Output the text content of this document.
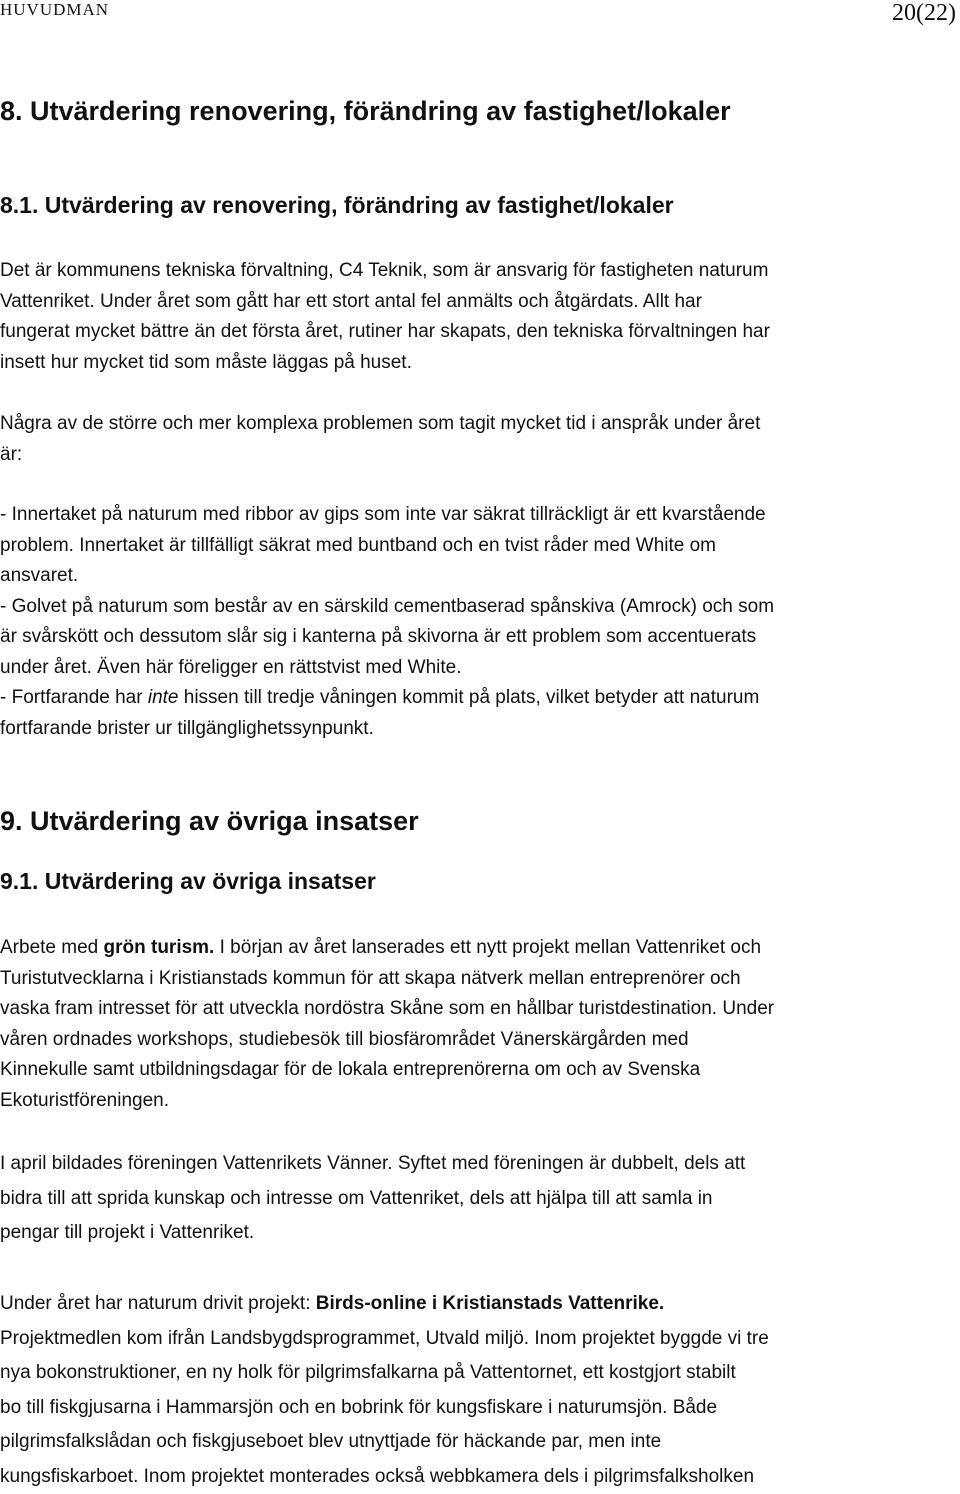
HUVUDMAN	20(22)
8. Utvärdering renovering, förändring av fastighet/lokaler
8.1. Utvärdering av renovering, förändring av fastighet/lokaler
Det är kommunens tekniska förvaltning, C4 Teknik, som är ansvarig för fastigheten naturum
Vattenriket. Under året som gått har ett stort antal fel anmälts och åtgärdats. Allt har
fungerat mycket bättre än det första året, rutiner har skapats, den tekniska förvaltningen har
insett hur mycket tid som måste läggas på huset.
Några av de större och mer komplexa problemen som tagit mycket tid i anspråk under året
är:
- Innertaket på naturum med ribbor av gips som inte var säkrat tillräckligt är ett kvarstående
problem. Innertaket är tillfälligt säkrat med buntband och en tvist råder med White om
ansvaret.
- Golvet på naturum som består av en särskild cementbaserad spånskiva (Amrock) och som
är svårskött och dessutom slår sig i kanterna på skivorna är ett problem som accentuerats
under året. Även här föreligger en rättstvist med White.
- Fortfarande har inte hissen till tredje våningen kommit på plats, vilket betyder att naturum
fortfarande brister ur tillgänglighetssynpunkt.
9. Utvärdering av övriga insatser
9.1. Utvärdering av övriga insatser
Arbete med grön turism. I början av året lanserades ett nytt projekt mellan Vattenriket och
Turistutvecklarna i Kristianstads kommun för att skapa nätverk mellan entreprenörer och
vaska fram intresset för att utveckla nordöstra Skåne som en hållbar turistdestination. Under
våren ordnades workshops, studiebesök till biosfärområdet Vänerskärgården med
Kinnekulle samt utbildningsdagar för de lokala entreprenörerna om och av Svenska
Ekoturistföreningen.
I april bildades föreningen Vattenrikets Vänner. Syftet med föreningen är dubbelt, dels att
bidra till att sprida kunskap och intresse om Vattenriket, dels att hjälpa till att samla in
pengar till projekt i Vattenriket.
Under året har naturum drivit projekt: Birds-online i Kristianstads Vattenrike.
Projektmedlen kom ifrån Landsbygdsprogrammet, Utvald miljö. Inom projektet byggde vi tre
nya bokonstruktioner, en ny holk för pilgrimsfalkarna på Vattentornet, ett kostgjort stabilt
bo till fiskgjusarna i Hammarsjön och en bobrink för kungsfiskare i naturumsjön. Både
pilgrimsfalkslådan och fiskgjuseboet blev utnyttjade för häckande par, men inte
kungsfiskarboet. Inom projektet monterades också webbkamera dels i pilgrimsfalksholken
